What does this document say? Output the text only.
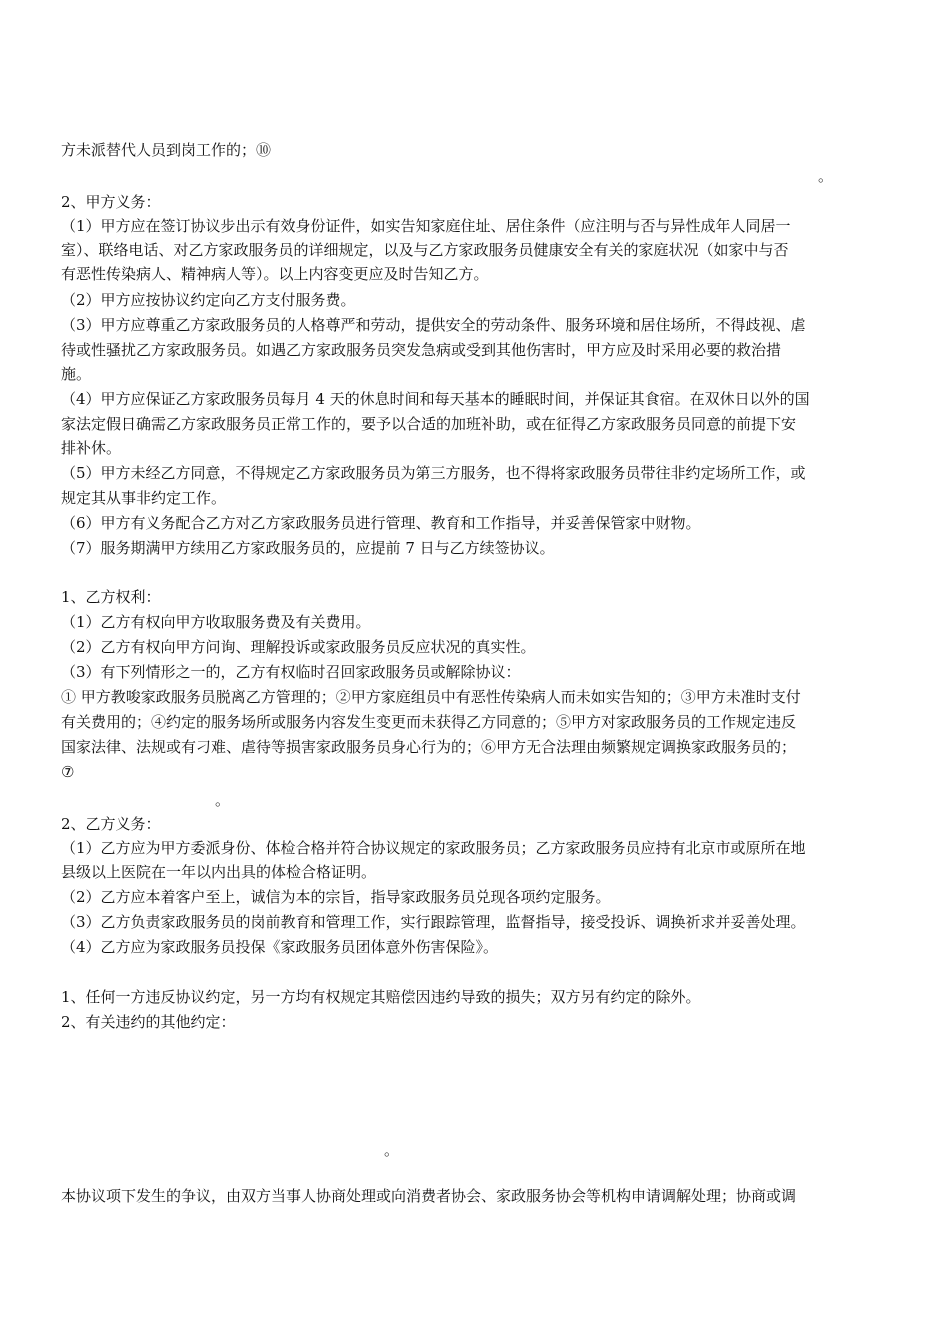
方未派替代人员到岗工作的；⑩
。
2、甲方义务：
（1）甲方应在签订协议步出示有效身份证件，如实告知家庭住址、居住条件（应注明与否与异性成年人同居一
室）、联络电话、对乙方家政服务员的详细规定，以及与乙方家政服务员健康安全有关的家庭状况（如家中与否
有恶性传染病人、精神病人等）。以上内容变更应及时告知乙方。
（2）甲方应按协议约定向乙方支付服务费。
（3）甲方应尊重乙方家政服务员的人格尊严和劳动，提供安全的劳动条件、服务环境和居住场所，不得歧视、虐
待或性骚扰乙方家政服务员。如遇乙方家政服务员突发急病或受到其他伤害时，甲方应及时采用必要的救治措
施。
（4）甲方应保证乙方家政服务员每月 4 天的休息时间和每天基本的睡眠时间，并保证其食宿。在双休日以外的国
家法定假日确需乙方家政服务员正常工作的，要予以合适的加班补助，或在征得乙方家政服务员同意的前提下安
排补休。
（5）甲方未经乙方同意，不得规定乙方家政服务员为第三方服务，也不得将家政服务员带往非约定场所工作，或
规定其从事非约定工作。
（6）甲方有义务配合乙方对乙方家政服务员进行管理、教育和工作指导，并妥善保管家中财物。
（7）服务期满甲方续用乙方家政服务员的，应提前 7 日与乙方续签协议。
1、乙方权利：
（1）乙方有权向甲方收取服务费及有关费用。
（2）乙方有权向甲方问询、理解投诉或家政服务员反应状况的真实性。
（3）有下列情形之一的，乙方有权临时召回家政服务员或解除协议：
① 甲方教唆家政服务员脱离乙方管理的；②甲方家庭组员中有恶性传染病人而未如实告知的；③甲方未准时支付
有关费用的；④约定的服务场所或服务内容发生变更而未获得乙方同意的；⑤甲方对家政服务员的工作规定违反
国家法律、法规或有刁难、虐待等损害家政服务员身心行为的；⑥甲方无合法理由频繁规定调换家政服务员的；
⑦
。
2、乙方义务：
（1）乙方应为甲方委派身份、体检合格并符合协议规定的家政服务员；乙方家政服务员应持有北京市或原所在地
县级以上医院在一年以内出具的体检合格证明。
（2）乙方应本着客户至上，诚信为本的宗旨，指导家政服务员兑现各项约定服务。
（3）乙方负责家政服务员的岗前教育和管理工作，实行跟踪管理，监督指导，接受投诉、调换祈求并妥善处理。
（4）乙方应为家政服务员投保《家政服务员团体意外伤害保险》。
1、任何一方违反协议约定，另一方均有权规定其赔偿因违约导致的损失；双方另有约定的除外。
2、有关违约的其他约定：
。
本协议项下发生的争议，由双方当事人协商处理或向消费者协会、家政服务协会等机构申请调解处理；协商或调
